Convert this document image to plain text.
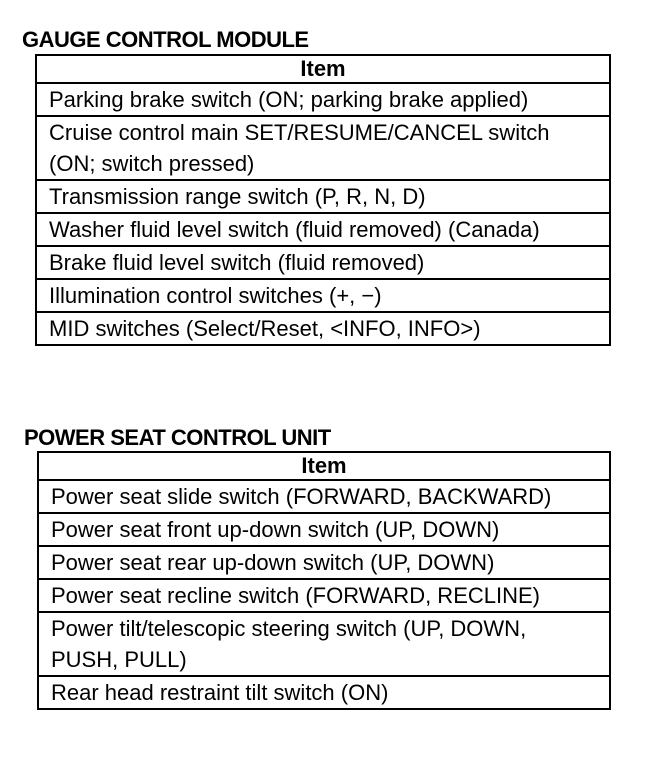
GAUGE CONTROL MODULE
Item

Parking brake switch (ON; parking brake applied)

Cruise control main SET/RESUME/CANCEL switch (ON; switch pressed)

Transmission range switch (P, R, N, D)

Washer fluid level switch (fluid removed) (Canada)

Brake fluid level switch (fluid removed)

Illumination control switches (+, −)

MID switches (Select/Reset, <INFO, INFO>)
POWER SEAT CONTROL UNIT
Item

Power seat slide switch (FORWARD, BACKWARD)

Power seat front up-down switch (UP, DOWN)

Power seat rear up-down switch (UP, DOWN)

Power seat recline switch (FORWARD, RECLINE)

Power tilt/telescopic steering switch (UP, DOWN, PUSH, PULL)

Rear head restraint tilt switch (ON)
